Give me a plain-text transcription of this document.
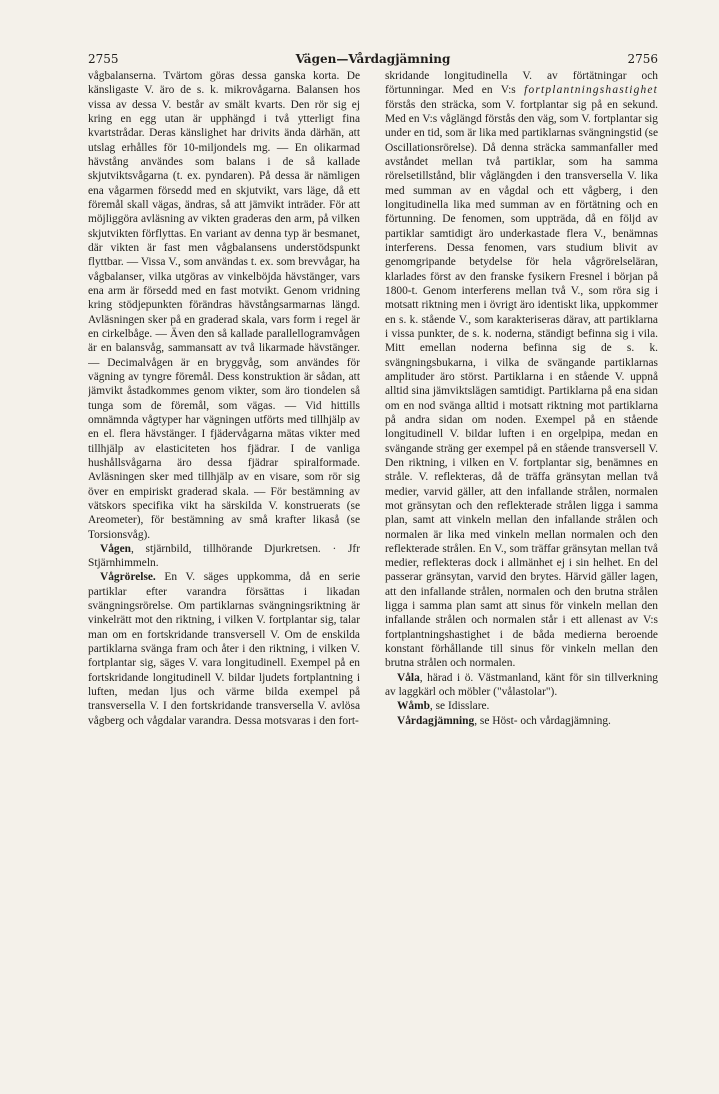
2755	Vägen—Vårdagjämning	2756

vågbalanserna. Tvärtom göras dessa ganska korta. De känsligaste V. äro de s. k. mikrovågarna. Balansen hos vissa av dessa V. består av smält kvarts. Den rör sig ej kring en egg utan är upphängd i två ytterligt fina kvartstrådar. Deras känslighet har drivits ända därhän, att utslag erhålles för 10-miljondels mg. — En olikarmad hävstång användes som balans i de så kallade skjutviktsvågarna (t. ex. pyndaren). På dessa är nämligen ena vågarmen försedd med en skjutvikt, vars läge, då ett föremål skall vägas, ändras, så att jämvikt inträder. För att möjliggöra avläsning av vikten graderas den arm, på vilken skjutvikten förflyttas. En variant av denna typ är besmanet, där vikten är fast men vågbalansens understödspunkt flyttbar. — Vissa V., som användas t. ex. som brevvågar, ha vågbalanser, vilka utgöras av vinkelböjda hävstänger, vars ena arm är försedd med en fast motvikt. Genom vridning kring stödjepunkten förändras hävstångsarmarnas längd. Avläsningen sker på en graderad skala, vars form i regel är en cirkelbåge. — Även den så kallade parallellogramvågen är en balansvåg, sammansatt av två likarmade hävstänger. — Decimalvågen är en bryggvåg, som användes för vägning av tyngre föremål. Dess konstruktion är sådan, att jämvikt åstadkommes genom vikter, som äro tiondelen så tunga som de föremål, som vägas. — Vid hittills omnämnda vågtyper har vägningen utförts med tillhjälp av en el. flera hävstänger. I fjädervågarna mätas vikter med tillhjälp av elasticiteten hos fjädrar. I de vanliga hushållsvågarna äro dessa fjädrar spiralformade. Avläsningen sker med tillhjälp av en visare, som rör sig över en empiriskt graderad skala. — För bestämning av vätskors specifika vikt ha särskilda V. konstruerats (se Areometer), för bestämning av små krafter likaså (se Torsionsvåg).

Vågen, stjärnbild, tillhörande Djurkretsen. · Jfr Stjärnhimmeln.

Vågrörelse. En V. säges uppkomma, då en serie partiklar efter varandra försättas i likadan svängningsrörelse. Om partiklarnas svängningsriktning är vinkelrätt mot den riktning, i vilken V. fortplantar sig, talar man om en fortskridande transversell V. Om de enskilda partiklarna svänga fram och åter i den riktning, i vilken V. fortplantar sig, säges V. vara longitudinell. Exempel på en fortskridande longitudinell V. bildar ljudets fortplantning i luften, medan ljus och värme bilda exempel på transversella V. I den fortskridande transversella V. avlösa vågberg och vågdalar varandra. Dessa motsvaras i den fort-

skridande longitudinella V. av förtätningar och förtunningar. Med en V:s fortplantningshastighet förstås den sträcka, som V. fortplantar sig på en sekund. Med en V:s våglängd förstås den väg, som V. fortplantar sig under en tid, som är lika med partiklarnas svängningstid (se Oscillationsrörelse). Då denna sträcka sammanfaller med avståndet mellan två partiklar, som ha samma rörelsetillstånd, blir våglängden i den transversella V. lika med summan av en vågdal och ett vågberg, i den longitudinella lika med summan av en förtätning och en förtunning. De fenomen, som uppträda, då en följd av partiklar samtidigt äro underkastade flera V., benämnas interferens. Dessa fenomen, vars studium blivit av genomgripande betydelse för hela vågrörelseläran, klarlades först av den franske fysikern Fresnel i början på 1800-t. Genom interferens mellan två V., som röra sig i motsatt riktning men i övrigt äro identiskt lika, uppkommer en s. k. stående V., som karakteriseras därav, att partiklarna i vissa punkter, de s. k. noderna, ständigt befinna sig i vila. Mitt emellan noderna befinna sig de s. k. svängningsbukarna, i vilka de svängande partiklarnas amplituder äro störst. Partiklarna i en stående V. uppnå alltid sina jämviktslägen samtidigt. Partiklarna på ena sidan om en nod svänga alltid i motsatt riktning mot partiklarna på andra sidan om noden. Exempel på en stående longitudinell V. bildar luften i en orgelpipa, medan en svängande sträng ger exempel på en stående transversell V. Den riktning, i vilken en V. fortplantar sig, benämnes en stråle. V. reflekteras, då de träffa gränsytan mellan två medier, varvid gäller, att den infallande strålen, normalen mot gränsytan och den reflekterade strålen ligga i samma plan, samt att vinkeln mellan den infallande strålen och normalen är lika med vinkeln mellan normalen och den reflekterade strålen. En V., som träffar gränsytan mellan två medier, reflekteras dock i allmänhet ej i sin helhet. En del passerar gränsytan, varvid den brytes. Härvid gäller lagen, att den infallande strålen, normalen och den brutna strålen ligga i samma plan samt att sinus för vinkeln mellan den infallande strålen och normalen står i ett allenast av V:s fortplantningshastighet i de båda medierna beroende konstant förhållande till sinus för vinkeln mellan den brutna strålen och normalen.

Våla, härad i ö. Västmanland, känt för sin tillverkning av laggkärl och möbler ("vålastolar").

Wåmb, se Idisslare.

Vårdagjämning, se Höst- och vårdagjämning.
